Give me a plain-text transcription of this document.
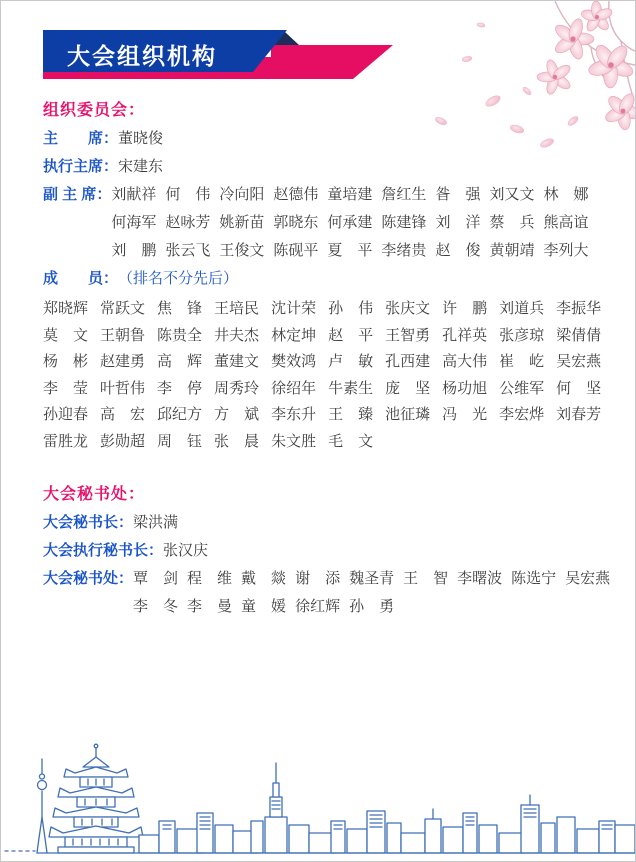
大会组织机构
组织委员会：
主　　席： 董晓俊
执行主席： 宋建东
副 主 席： 刘献祥 何　伟 冷向阳 赵德伟 童培建 詹红生 昝　强 刘又文 林　娜
何海军 赵咏芳 姚新苗 郭晓东 何承建 陈建锋 刘　洋 蔡　兵 熊高谊
刘　鹏 张云飞 王俊文 陈砚平 夏　平 李绪贵 赵　俊 黄朝靖 李列大
成　　员： （排名不分先后）
郑晓辉 常跃文 焦　锋 王培民 沈计荣 孙　伟 张庆文 许　鹏 刘道兵 李振华
莫　文 王朝鲁 陈贵全 井夫杰 林定坤 赵　平 王智勇 孔祥英 张彦琼 梁倩倩
杨　彬 赵建勇 高　辉 董建文 樊效鸿 卢　敏 孔西建 高大伟 崔　屹 吴宏燕
李　莹 叶哲伟 李　停 周秀玲 徐绍年 牛素生 庞　坚 杨功旭 公维军 何　坚
孙迎春 高　宏 邱纪方 方　斌 李东升 王　臻 池征璘 冯　光 李宏烨 刘春芳
雷胜龙 彭勋超 周　钰 张　晨 朱文胜 毛　文
大会秘书处：
大会秘书长： 梁洪满
大会执行秘书长： 张汉庆
大会秘书处： 覃　剑 程　维 戴　燚 谢　添 魏圣青 王　智 李曙波 陈选宁 吴宏燕
李　冬 李　曼 童　媛 徐红辉 孙　勇
